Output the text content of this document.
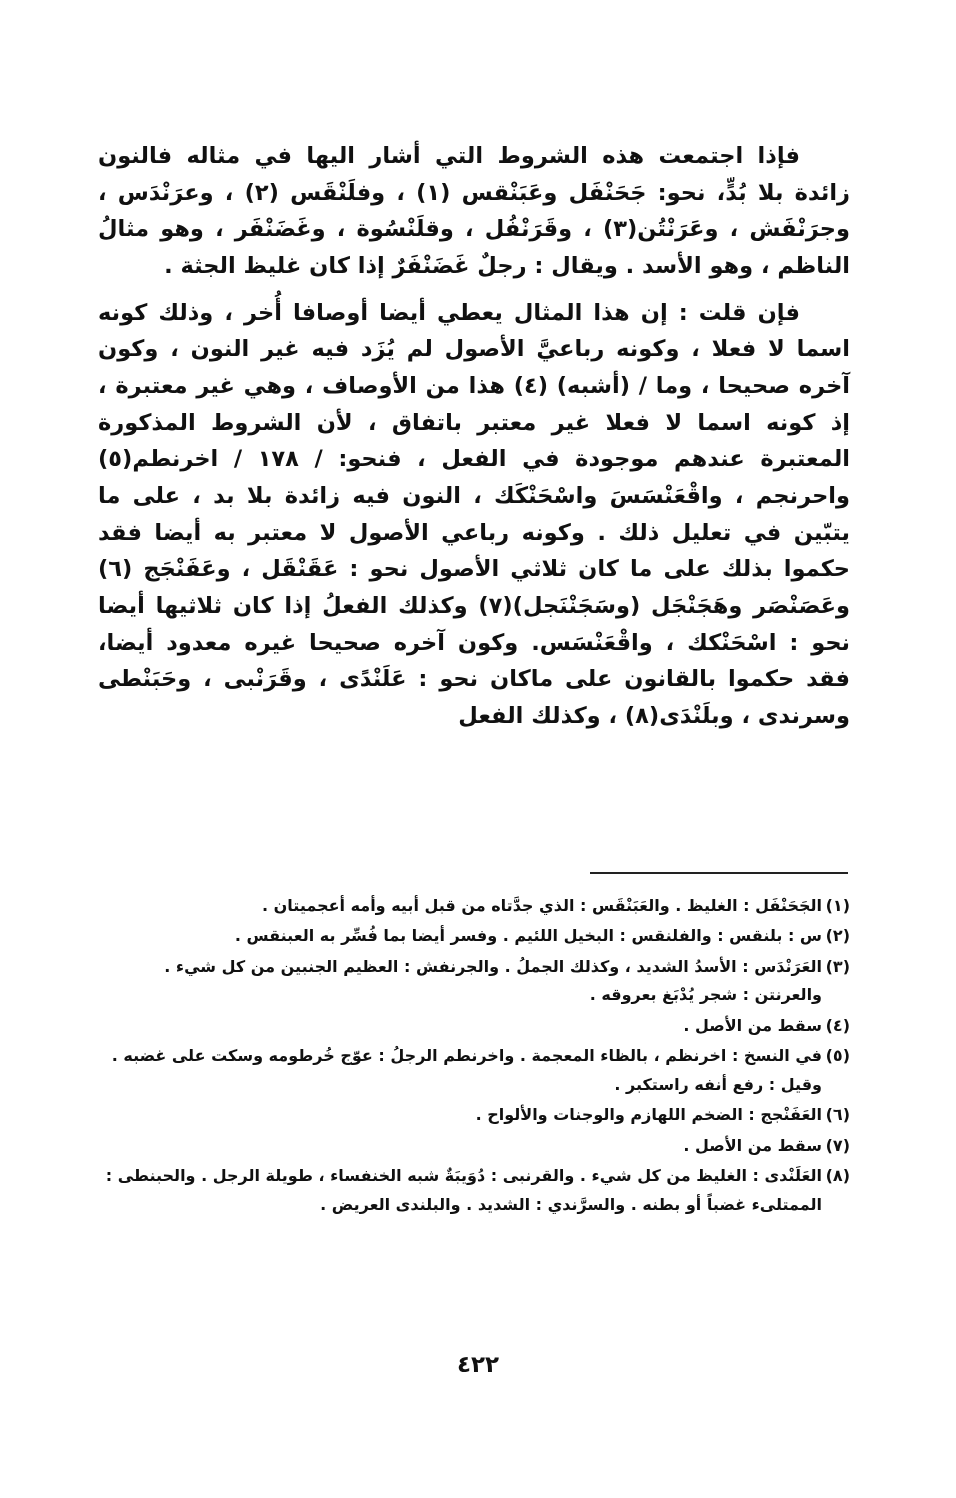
فإذا اجتمعت هذه الشروط التي أشار اليها في مثاله فالنون زائدة بلا بُدٍّ، نحو: جَحَنْفَل وعَبَنْقس (١) ، وفلَنْقَس (٢) ، وعرَنْدَس ، وجرَنْفَش ، وعَرَنْتُن(٣) ، وقَرَنْفُل ، وقلَنْسُوة ، وغَضَنْفَر ، وهو مثالُ الناظم ، وهو الأسد . ويقال : رجلٌ غَضَنْفَرٌ إذا كان غليظ الجثة .

فإن قلت : إن هذا المثال يعطي أيضا أوصافا أُخر ، وذلك كونه اسما لا فعلا ، وكونه رباعيَّ الأصول لم يُزَد فيه غير النون ، وكون آخره صحيحا ، وما / (أشبه) (٤) هذا من الأوصاف ، وهي غير معتبرة ، إذ كونه اسما لا فعلا غير معتبر باتفاق ، لأن الشروط المذكورة المعتبرة عندهم موجودة في الفعل ، فنحو: / ١٧٨ / اخرنطم(٥) واحرنجم ، واقْعَنْسَسَ واسْحَنْكَك ، النون فيه زائدة بلا بد ، على ما يتبّين في تعليل ذلك . وكونه رباعي الأصول لا معتبر به أيضا فقد حكموا بذلك على ما كان ثلاثي الأصول نحو : عَقَنْقَل ، وعَفَنْجَج (٦) وعَصَنْصَر وهَجَنْجَل (وسَجَنْنَجل)(٧) وكذلك الفعلُ إذا كان ثلاثيها أيضا نحو : اسْحَنْكك ، واقْعَنْسَس. وكون آخره صحيحا غيره معدود أيضا، فقد حكموا بالقانون على ماكان نحو : عَلَنْدًى ، وقَرَنْبى ، وحَبَنْطى وسرندى ، وبلَنْدَى(٨) ، وكذلك الفعل

(١)
الجَحَنْفَل : الغليظ . والعَبَنْقَس : الذي جدَّتاه من قبل أبيه وأمه أعجميتان .
(٢)
س : بلنقس : والفلنقس : البخيل اللئيم . وفسر أيضا بما فُسِّر به العبنقس .
(٣)
العَرَنْدَس : الأسدُ الشديد ، وكذلك الجملُ . والجرنفش : العظيم الجنبين من كل شيء . والعرنتن : شجر يُدْبَغ بعروقه .
(٤)
سقط من الأصل .
(٥)
في النسخ : اخرنظم ، بالظاء المعجمة . واخرنطم الرجلُ : عوّج خُرطومه وسكت على غضبه . وقيل : رفع أنفه راستكبر .
(٦)
العَفَنْجج : الضخم اللهازم والوجنات والألواح .
(٧)
سقط من الأصل .
(٨)
العَلَنْدى : الغليظ من كل شيء . والقرنبى : دُوَيبَةٌ شبه الخنفساء ، طويلة الرجل . والحبنطى : الممتلىء غضباً أو بطنه . والسرَّندي : الشديد . والبلندى العريض .
٤٢٢
